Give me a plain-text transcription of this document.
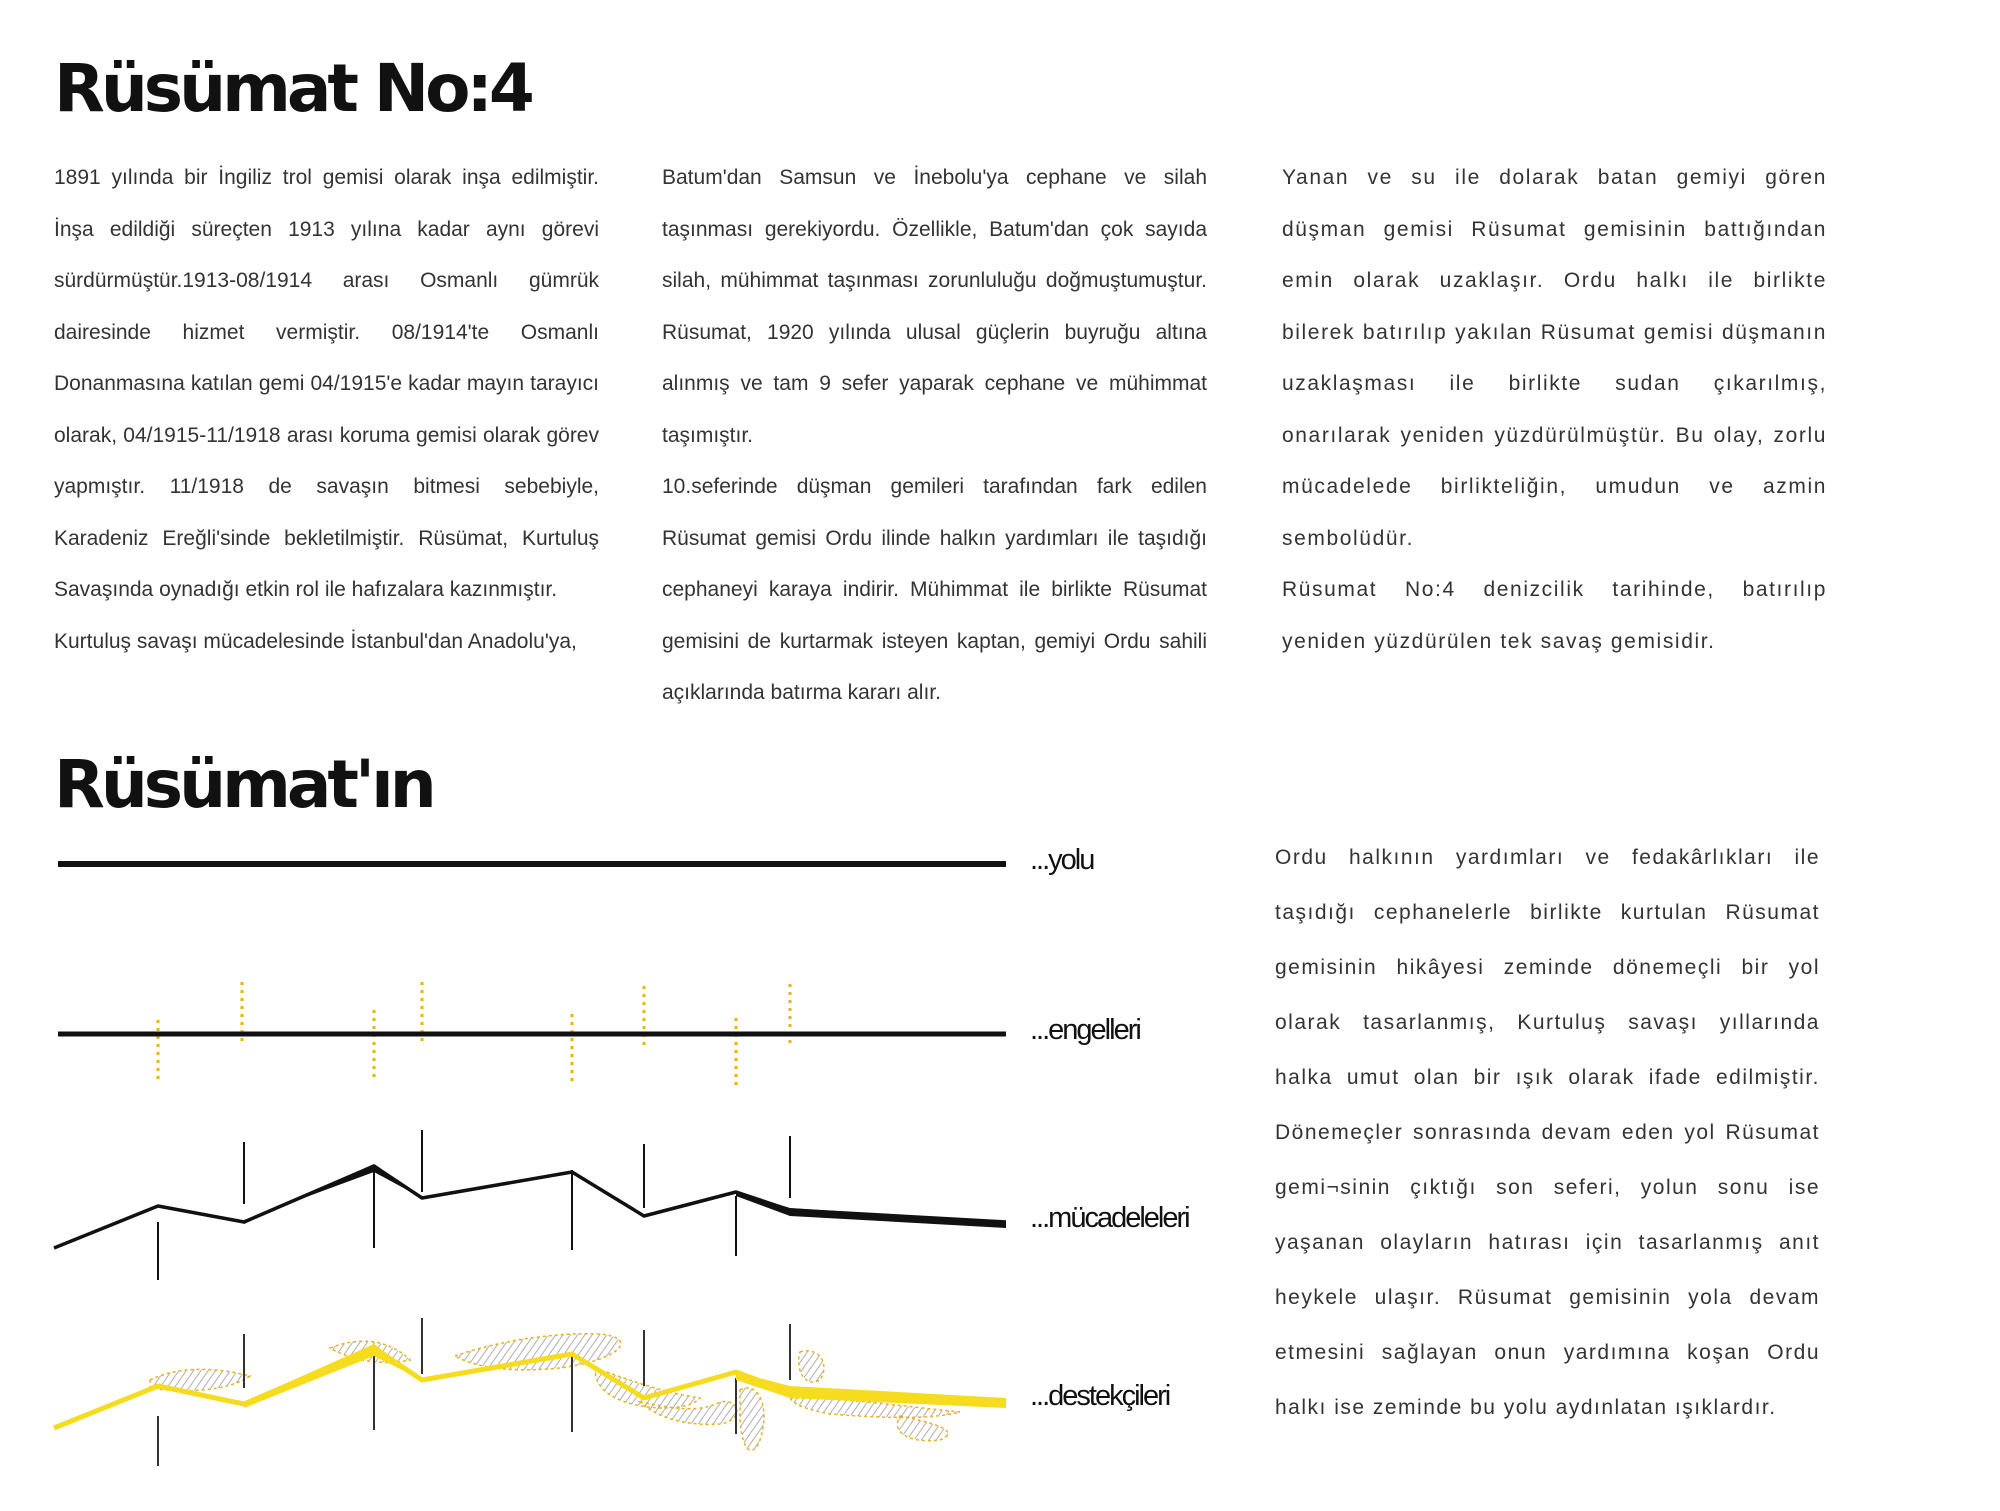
Rüsümat No:4

1891 yılında bir İngiliz trol gemisi olarak inşa edilmiştir. İnşa edildiği süreçten 1913 yılına kadar aynı görevi sürdürmüştür.1913-08/1914 arası Osmanlı gümrük dairesinde hizmet vermiştir. 08/1914'te Osmanlı Donanmasına katılan gemi 04/1915'e kadar mayın tarayıcı olarak, 04/1915-11/1918 arası koruma gemisi olarak görev yapmıştır. 11/1918 de savaşın bitmesi sebebiyle, Karadeniz Ereğli'sinde bekletilmiştir. Rüsümat, Kurtuluş Savaşında oynadığı etkin rol ile hafızalara kazınmıştır.

Kurtuluş savaşı mücadelesinde İstanbul'dan Anadolu'ya,

Batum'dan Samsun ve İnebolu'ya cephane ve silah taşınması gerekiyordu. Özellikle, Batum'dan çok sayıda silah, mühimmat taşınması zorunluluğu doğmuştumuştur. Rüsumat, 1920 yılında ulusal güçlerin buyruğu altına alınmış ve tam 9 sefer yaparak cephane ve mühimmat taşımıştır.

10.seferinde düşman gemileri tarafından fark edilen Rüsumat gemisi Ordu ilinde halkın yardımları ile taşıdığı cephaneyi karaya indirir. Mühimmat ile birlikte Rüsumat gemisini de kurtarmak isteyen kaptan, gemiyi Ordu sahili açıklarında batırma kararı alır.

Yanan ve su ile dolarak batan gemiyi gören düşman gemisi Rüsumat gemisinin battığından emin olarak uzaklaşır. Ordu halkı ile birlikte bilerek batırılıp yakılan Rüsumat gemisi düşmanın uzaklaşması ile birlikte sudan çıkarılmış, onarılarak yeniden yüzdürülmüştür. Bu olay, zorlu mücadelede birlikteliğin, umudun ve azmin sembolüdür.

Rüsumat No:4 denizcilik tarihinde, batırılıp yeniden yüzdürülen tek savaş gemisidir.

Rüsümat'ın
...yolu
...engelleri
...mücadeleleri
...destekçileri

Ordu halkının yardımları ve fedakârlıkları ile taşıdığı cephanelerle birlikte kurtulan Rüsumat gemisinin hikâyesi zeminde dönemeçli bir yol olarak tasarlanmış, Kurtuluş savaşı yıllarında halka umut olan bir ışık olarak ifade edilmiştir. Dönemeçler sonrasında devam eden yol Rüsumat gemi¬sinin çıktığı son seferi, yolun sonu ise yaşanan olayların hatırası için tasarlanmış anıt heykele ulaşır. Rüsumat gemisinin yola devam etmesini sağlayan onun yardımına koşan Ordu halkı ise zeminde bu yolu aydınlatan ışıklardır.
